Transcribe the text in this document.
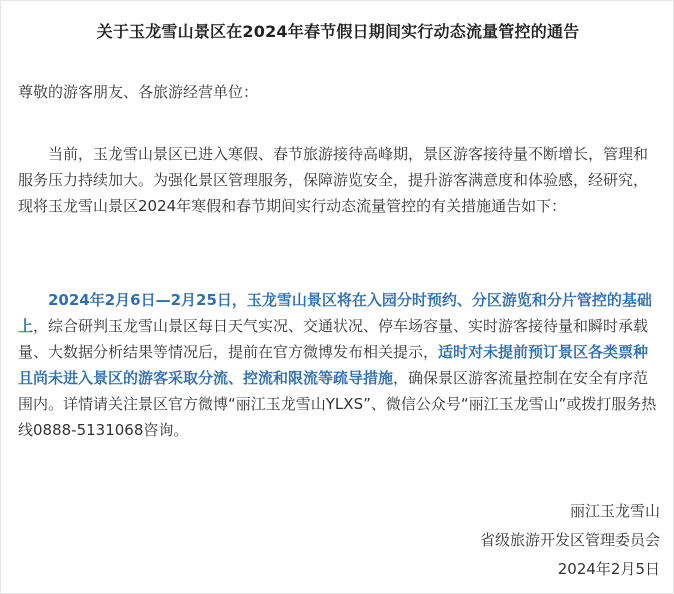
关于玉龙雪山景区在2024年春节假日期间实行动态流量管控的通告

尊敬的游客朋友、各旅游经营单位：

当前，玉龙雪山景区已进入寒假、春节旅游接待高峰期，景区游客接待量不断增长，管理和服务压力持续加大。为强化景区管理服务，保障游览安全，提升游客满意度和体验感，经研究，现将玉龙雪山景区2024年寒假和春节期间实行动态流量管控的有关措施通告如下：

2024年2月6日—2月25日，玉龙雪山景区将在入园分时预约、分区游览和分片管控的基础上，综合研判玉龙雪山景区每日天气实况、交通状况、停车场容量、实时游客接待量和瞬时承载量、大数据分析结果等情况后，提前在官方微博发布相关提示，适时对未提前预订景区各类票种且尚未进入景区的游客采取分流、控流和限流等疏导措施，确保景区游客流量控制在安全有序范围内。详情请关注景区官方微博“丽江玉龙雪山YLXS”、微信公众号“丽江玉龙雪山”或拨打服务热线0888-5131068咨询。

丽江玉龙雪山
省级旅游开发区管理委员会
2024年2月5日
